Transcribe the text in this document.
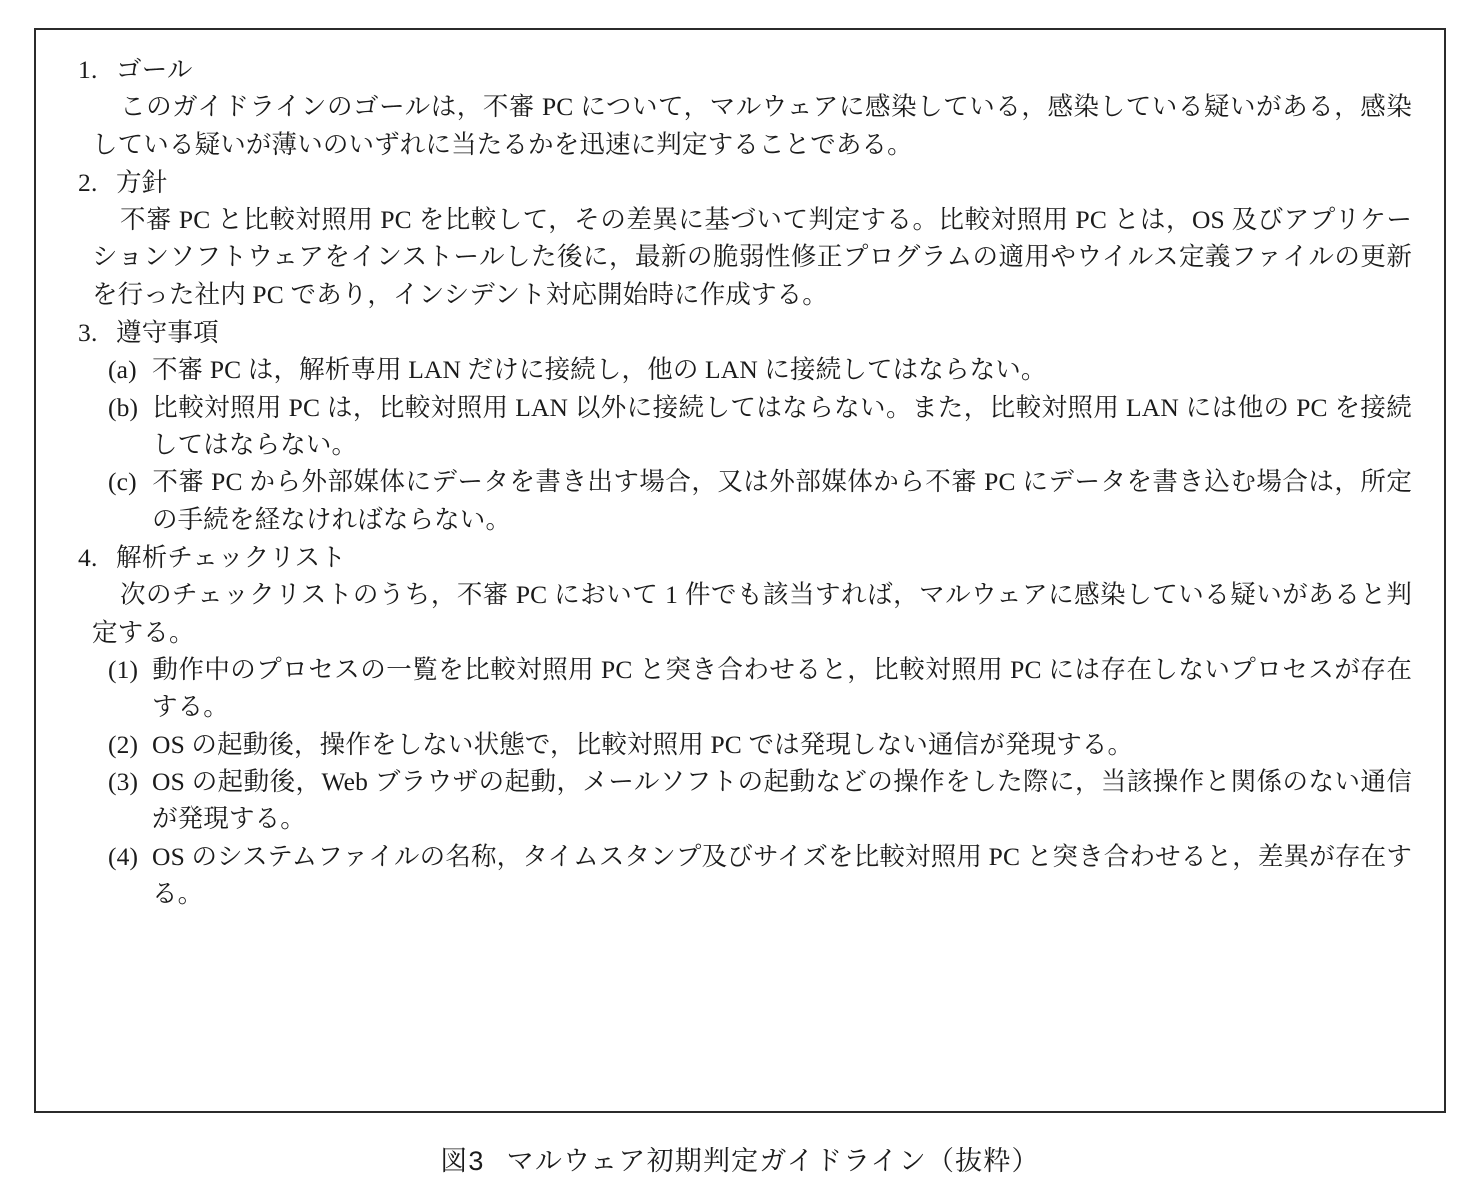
1. ゴール

このガイドラインのゴールは，不審 PC について，マルウェアに感染している，感染している疑いがある，感染している疑いが薄いのいずれに当たるかを迅速に判定することである。

2. 方針

不審 PC と比較対照用 PC を比較して，その差異に基づいて判定する。比較対照用 PC とは，OS 及びアプリケーションソフトウェアをインストールした後に，最新の脆弱性修正プログラムの適用やウイルス定義ファイルの更新を行った社内 PC であり，インシデント対応開始時に作成する。

3. 遵守事項

(a) 不審 PC は，解析専用 LAN だけに接続し，他の LAN に接続してはならない。

(b) 比較対照用 PC は，比較対照用 LAN 以外に接続してはならない。また，比較対照用 LAN には他の PC を接続してはならない。

(c) 不審 PC から外部媒体にデータを書き出す場合，又は外部媒体から不審 PC にデータを書き込む場合は，所定の手続を経なければならない。

4. 解析チェックリスト

次のチェックリストのうち，不審 PC において 1 件でも該当すれば，マルウェアに感染している疑いがあると判定する。

(1) 動作中のプロセスの一覧を比較対照用 PC と突き合わせると，比較対照用 PC には存在しないプロセスが存在する。

(2) OS の起動後，操作をしない状態で，比較対照用 PC では発現しない通信が発現する。

(3) OS の起動後，Web ブラウザの起動，メールソフトの起動などの操作をした際に，当該操作と関係のない通信が発現する。

(4) OS のシステムファイルの名称，タイムスタンプ及びサイズを比較対照用 PC と突き合わせると，差異が存在する。

図3 マルウェア初期判定ガイドライン（抜粋）
